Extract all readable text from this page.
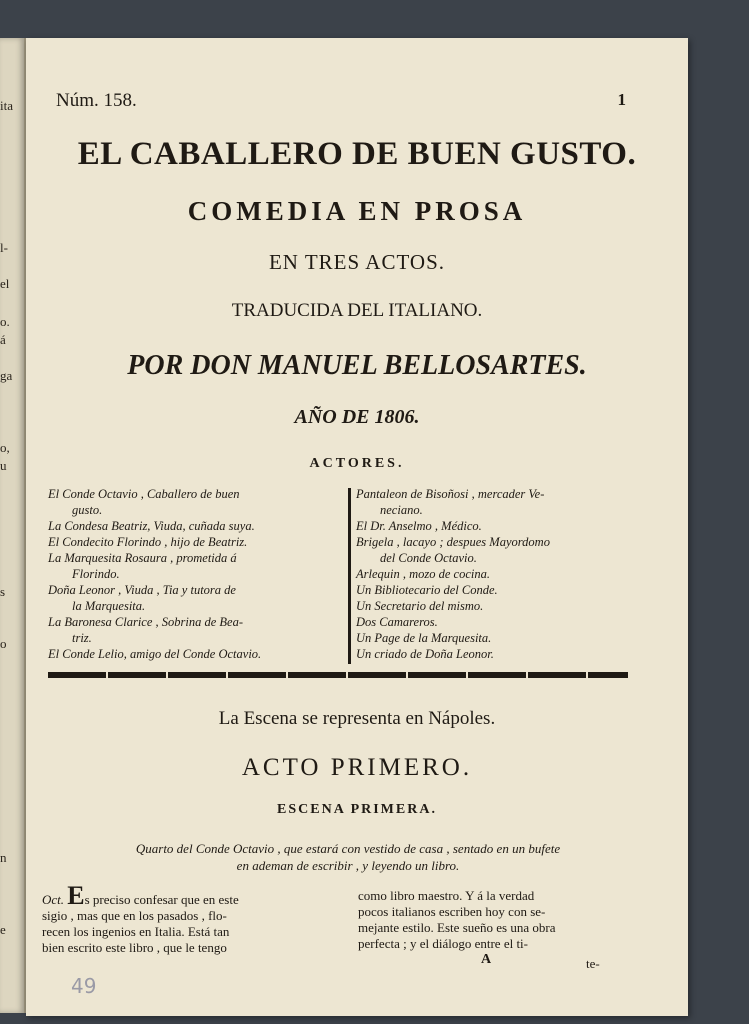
ita
l-
el
o.
á
ga
o,
u
s
o
n
e
Núm. 158.	1
EL CABALLERO DE BUEN GUSTO.
COMEDIA EN PROSA
EN TRES ACTOS.
TRADUCIDA DEL ITALIANO.
POR DON MANUEL BELLOSARTES.
AÑO DE 1806.
ACTORES.
El Conde Octavio , Caballero de buen
gusto.
La Condesa Beatriz, Viuda, cuñada suya.
El Condecito Florindo , hijo de Beatriz.
La Marquesita Rosaura , prometida á
Florindo.
Doña Leonor , Viuda , Tia y tutora de
la Marquesita.
La Baronesa Clarice , Sobrina de Bea-
triz.
El Conde Lelio, amigo del Conde Octavio.
Pantaleon de Bisoñosi , mercader Ve-
neciano.
El Dr. Anselmo , Médico.
Brigela , lacayo ; despues Mayordomo
del Conde Octavio.
Arlequin , mozo de cocina.
Un Bibliotecario del Conde.
Un Secretario del mismo.
Dos Camareros.
Un Page de la Marquesita.
Un criado de Doña Leonor.
La Escena se representa en Nápoles.
ACTO PRIMERO.
ESCENA PRIMERA.
Quarto del Conde Octavio , que estará con vestido de casa , sentado en un bufete
en ademan de escribir , y leyendo un libro.
Oct. Es preciso confesar que en este
sigio , mas que en los pasados , flo-
recen los ingenios en Italia. Está tan
bien escrito este libro , que le tengo
como libro maestro. Y á la verdad
pocos italianos escriben hoy con se-
mejante estilo. Este sueño es una obra
perfecta ; y el diálogo entre el ti-
A	te-
49
